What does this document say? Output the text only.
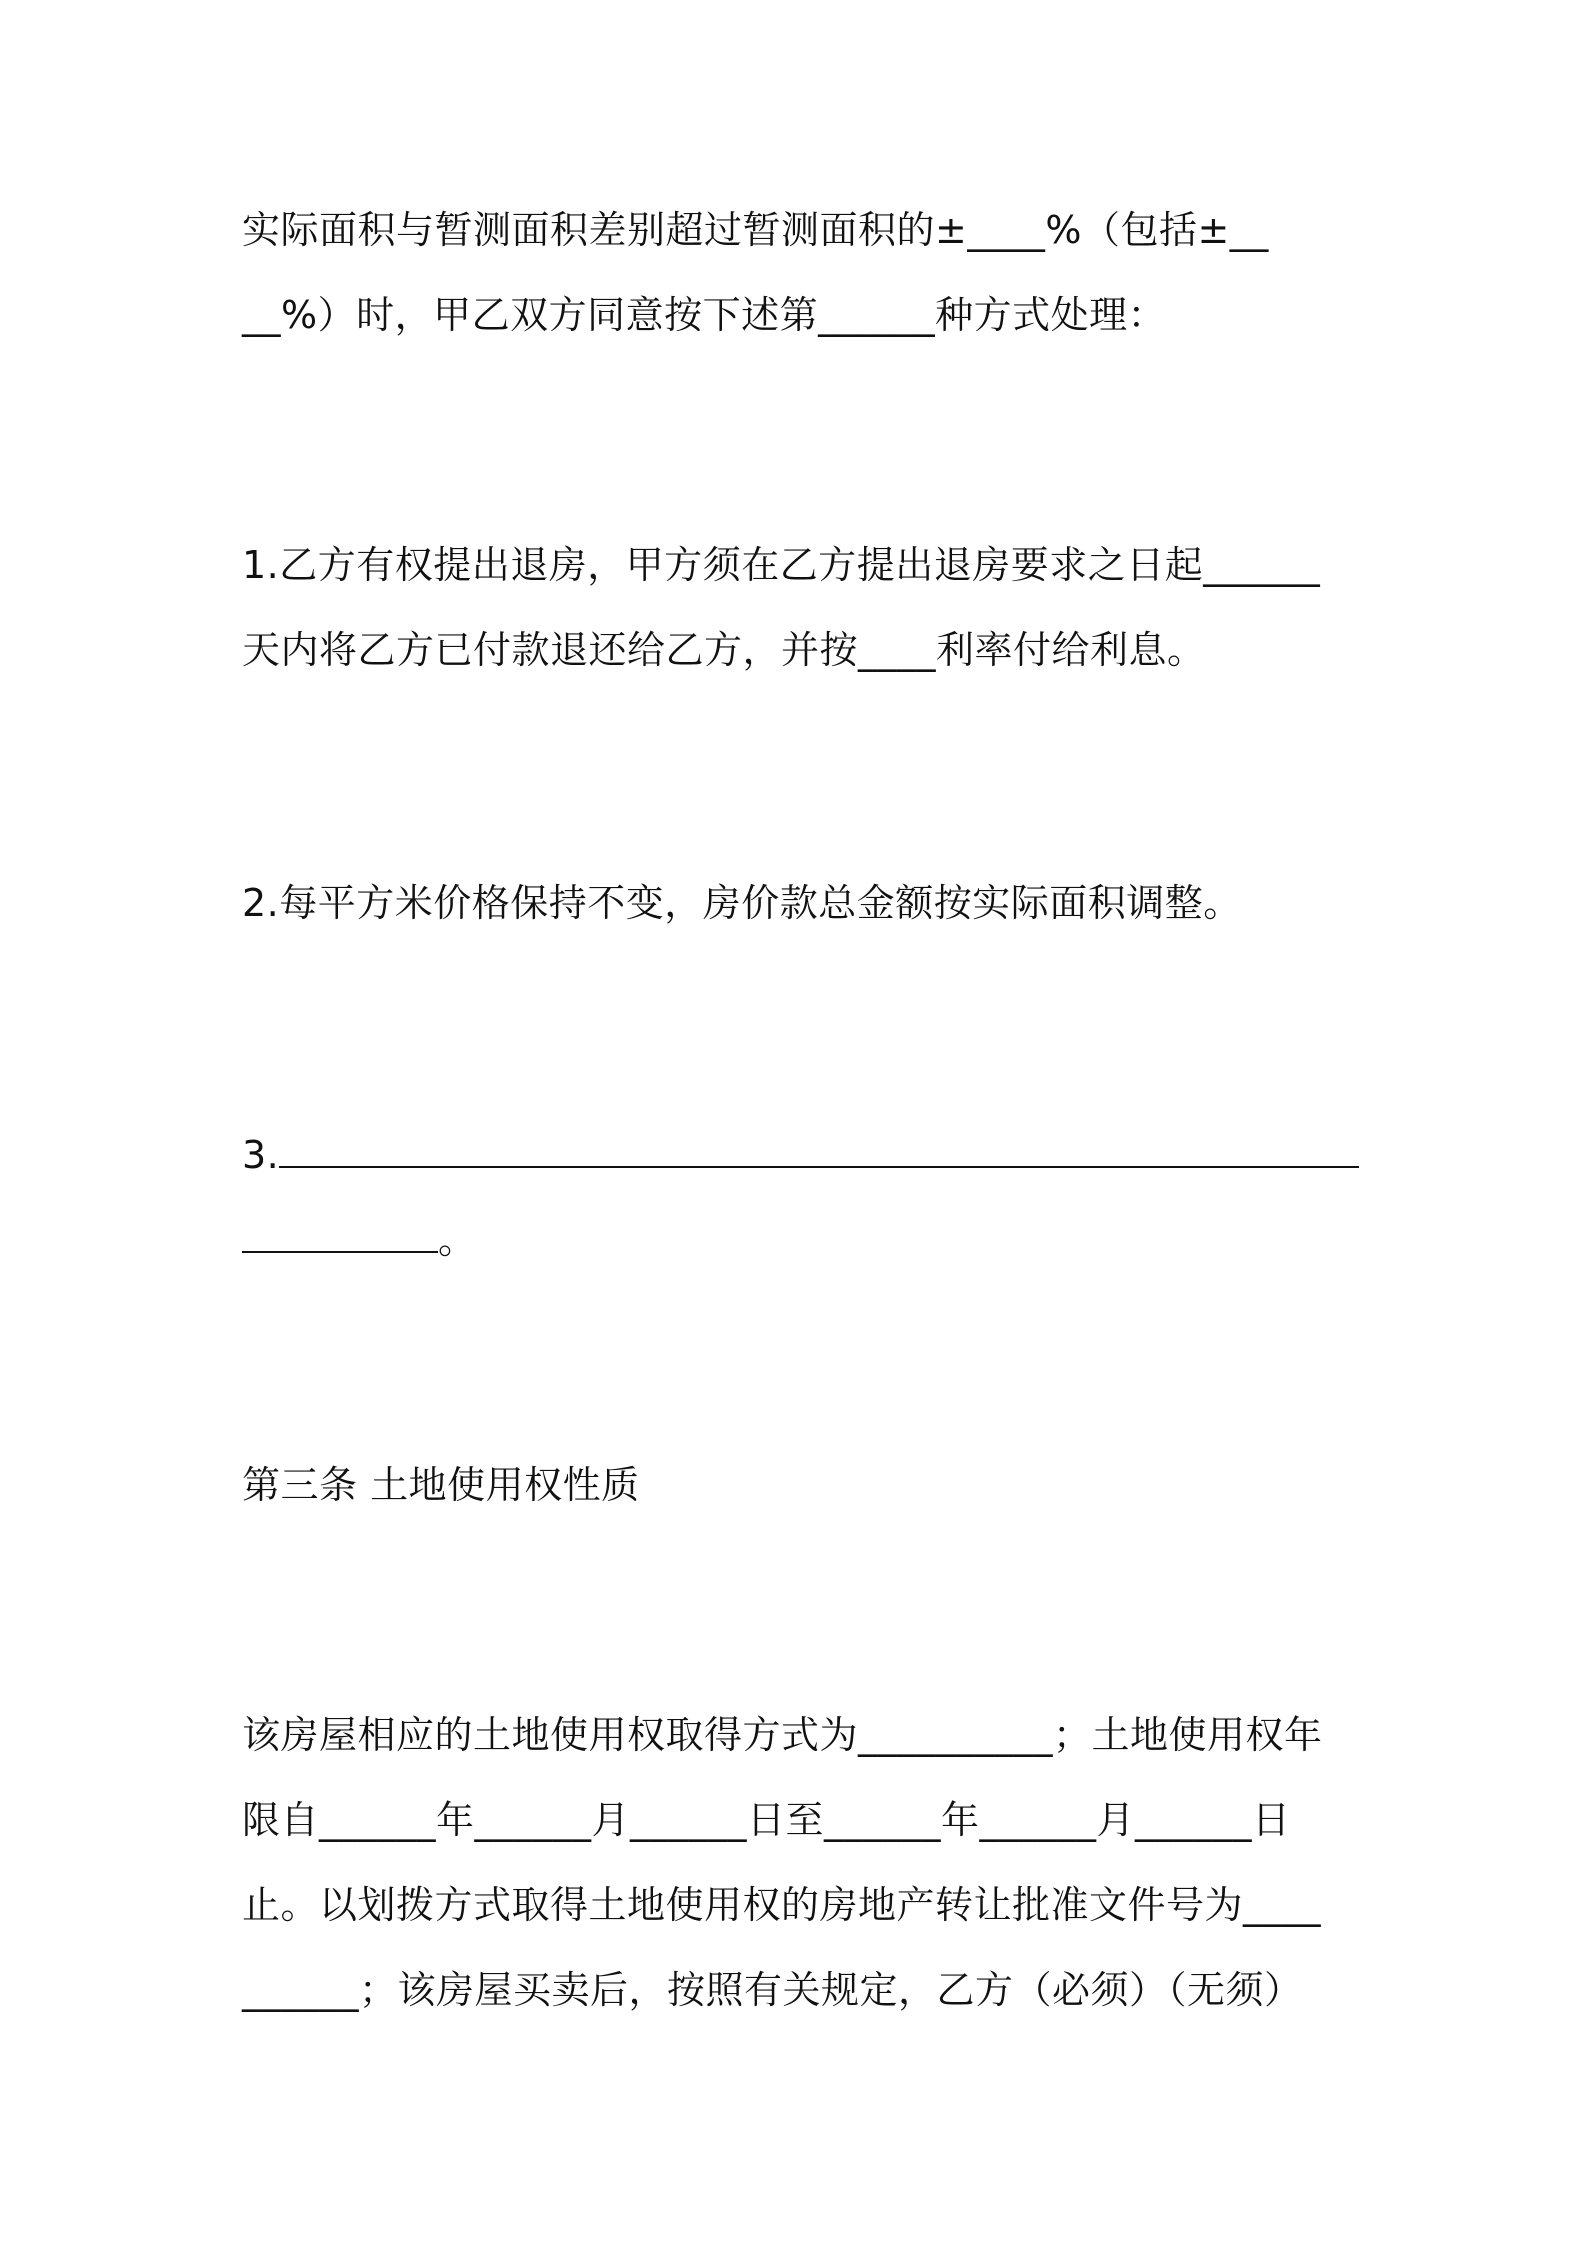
实际面积与暂测面积差别超过暂测面积的±____%（包括±__
__%）时，甲乙双方同意按下述第______种方式处理：
1.乙方有权提出退房，甲方须在乙方提出退房要求之日起______
天内将乙方已付款退还给乙方，并按____利率付给利息。
2.每平方米价格保持不变，房价款总金额按实际面积调整。
3.
。
第三条 土地使用权性质
该房屋相应的土地使用权取得方式为__________；土地使用权年
限自______年______月______日至______年______月______日
止。以划拨方式取得土地使用权的房地产转让批准文件号为____
______；该房屋买卖后，按照有关规定，乙方（必须）（无须）
